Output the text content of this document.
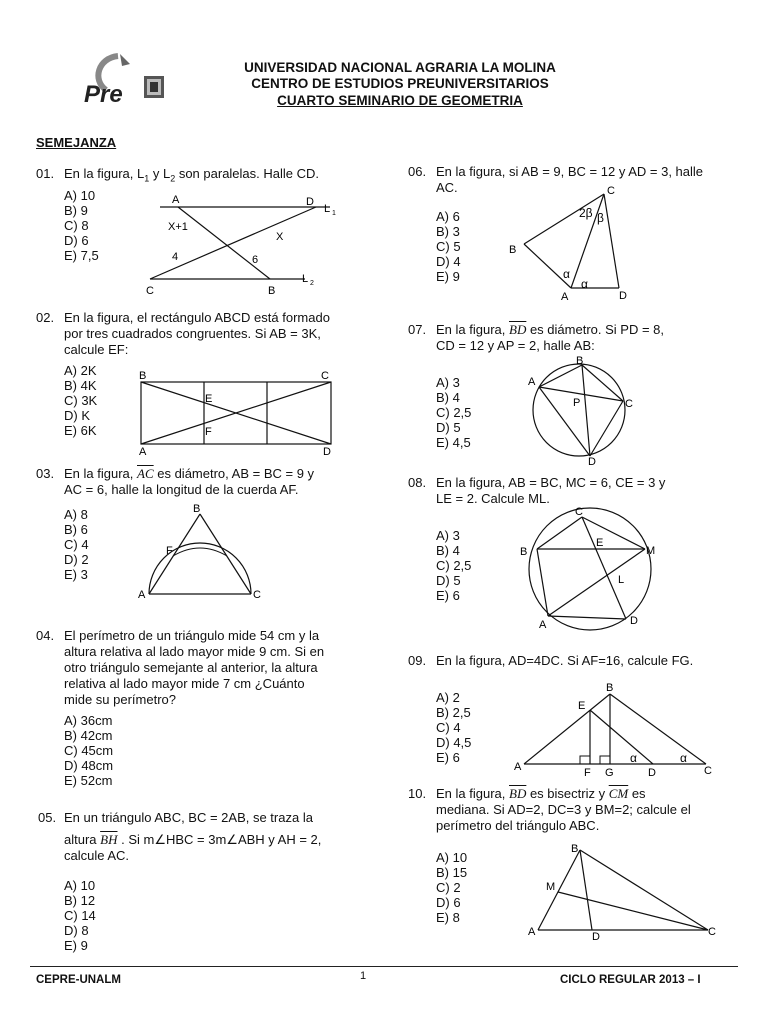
Pre
UNIVERSIDAD NACIONAL AGRARIA LA MOLINA
CENTRO DE ESTUDIOS PREUNIVERSITARIOS
CUARTO SEMINARIO DE GEOMETRIA
SEMEJANZA
01. En la figura, $L_1$ y $L_2$ son paralelas. Halle CD.
A) 10
B) 9
C) 8
D) 6
E) 7,5
A	D
L 1
X+1
X
4	6
L 2
C	B
02. En la figura, el rectángulo ABCD está formado
por tres cuadrados congruentes. Si AB = 3K,
calcule EF:
A) 2K
B) 4K
C) 3K
D) K
E) 6K
B	C
E
F
A	D
03. En la figura, $\overline{AC}$ es diámetro, AB = BC = 9 y
AC = 6, halle la longitud de la cuerda AF.
A) 8
B) 6
C) 4
D) 2
E) 3
B
F
A	C
04. El perímetro de un triángulo mide 54 cm y la
altura relativa al lado mayor mide 9 cm. Si en
otro triángulo semejante al anterior, la altura
relativa al lado mayor mide 7 cm ¿Cuánto
mide su perímetro?
A) 36cm
B) 42cm
C) 45cm
D) 48cm
E) 52cm
05. En un triángulo ABC, BC = 2AB, se traza la
altura $\overline{BH}$ . Si m∠HBC = 3m∠ABH y AH = 2,
calcule AC.
A) 10
B) 12
C) 14
D) 8
E) 9
06. En la figura, si AB = 9, BC = 12 y AD = 3, halle
AC.
A) 6
B) 3
C) 5
D) 4
E) 9
C
2β β
B
α
α
A	D
07. En la figura, $\overline{BD}$ es diámetro. Si PD = 8,
CD = 12 y AP = 2, halle AB:
A) 3
B) 4
C) 2,5
D) 5
E) 4,5
B
A
P	C
D
08. En la figura, AB = BC, MC = 6, CE = 3 y
LE = 2. Calcule ML.
A) 3
B) 4
C) 2,5
D) 5
E) 6
C
E
B	M
L
A	D
09. En la figura, AD=4DC. Si AF=16, calcule FG.
A) 2
B) 2,5
C) 4
D) 4,5
E) 6
B
E
A	F G
α
D
α
C
10. En la figura, $\overline{BD}$ es bisectriz y $\overline{CM}$ es
mediana. Si AD=2, DC=3 y BM=2; calcule el
perímetro del triángulo ABC.
A) 10
B) 15
C) 2
D) 6
E) 8
B
M
A	D	C
CEPRE-UNALM	1	CICLO REGULAR 2013 – I
